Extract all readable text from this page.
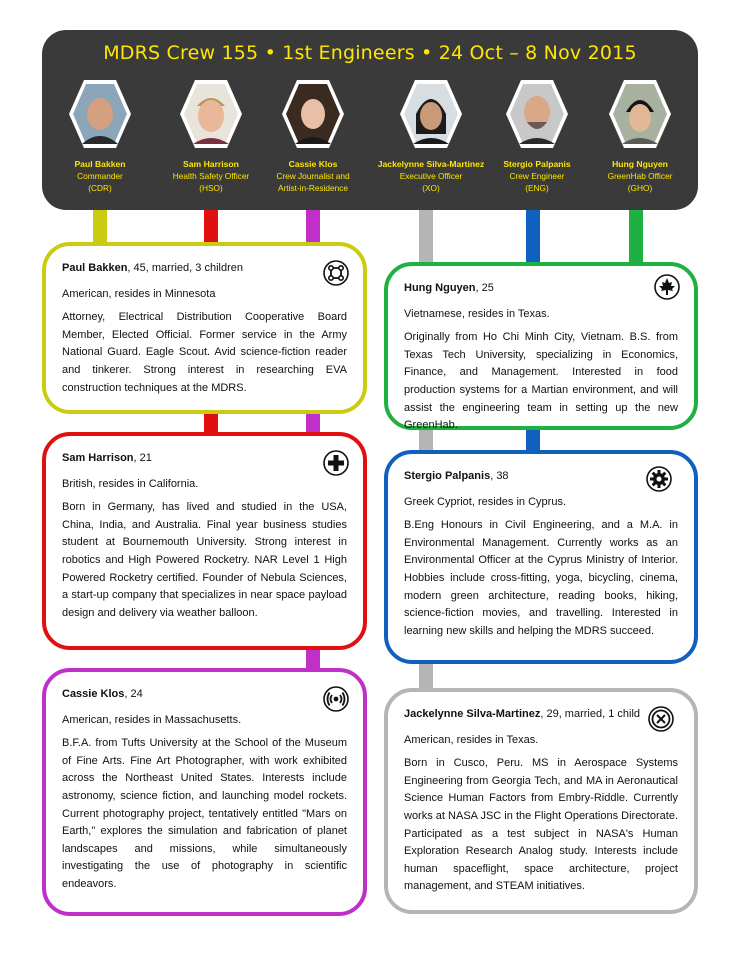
MDRS Crew 155 • 1st Engineers • 24 Oct – 8 Nov 2015
Paul Bakken
Commander
(CDR)
Sam Harrison
Health Safety Officer
(HSO)
Cassie Klos
Crew Journalist and
Artist-in-Residence
Jackelynne Silva-Martinez
Executive Officer
(XO)
Stergio Palpanis
Crew Engineer
(ENG)
Hung Nguyen
GreenHab Officer
(GHO)
Paul Bakken, 45, married, 3 children

American, resides in Minnesota

Attorney, Electrical Distribution Cooperative Board Member, Elected Official. Former service in the Army National Guard. Eagle Scout. Avid science-fiction reader and tinkerer. Strong interest in researching EVA construction techniques at the MDRS.

Sam Harrison, 21

British, resides in California.

Born in Germany, has lived and studied in the USA, China, India, and Australia. Final year business studies student at Bournemouth University. Strong interest in robotics and High Powered Rocketry. NAR Level 1 High Powered Rocketry certified. Founder of Nebula Sciences, a start-up company that specializes in near space payload design and delivery via weather balloon.

Cassie Klos, 24

American, resides in Massachusetts.

B.F.A. from Tufts University at the School of the Museum of Fine Arts. Fine Art Photographer, with work exhibited across the Northeast United States. Interests include astronomy, science fiction, and launching model rockets. Current photography project, tentatively entitled "Mars on Earth," explores the simulation and fabrication of planet landscapes and missions, while simultaneously investigating the use of photography in scientific endeavors.

Hung Nguyen, 25

Vietnamese, resides in Texas.

Originally from Ho Chi Minh City, Vietnam. B.S. from Texas Tech University, specializing in Economics, Finance, and Management. Interested in food production systems for a Martian environment, and will assist the engineering team in setting up the new GreenHab.

Stergio Palpanis, 38

Greek Cypriot, resides in Cyprus.

B.Eng Honours in Civil Engineering, and a M.A. in Environmental Management. Currently works as an Environmental Officer at the Cyprus Ministry of Interior. Hobbies include cross-fitting, yoga, bicycling, cinema, modern green architecture, reading books, hiking, science-fiction movies, and travelling. Interested in learning new skills and helping the MDRS succeed.

Jackelynne Silva-Martinez, 29, married, 1 child

American, resides in Texas.

Born in Cusco, Peru. MS in Aerospace Systems Engineering from Georgia Tech, and MA in Aeronautical Science Human Factors from Embry-Riddle. Currently works at NASA JSC in the Flight Operations Directorate. Participated as a test subject in NASA's Human Exploration Research Analog study. Interests include human spaceflight, space architecture, project management, and STEAM initiatives.
